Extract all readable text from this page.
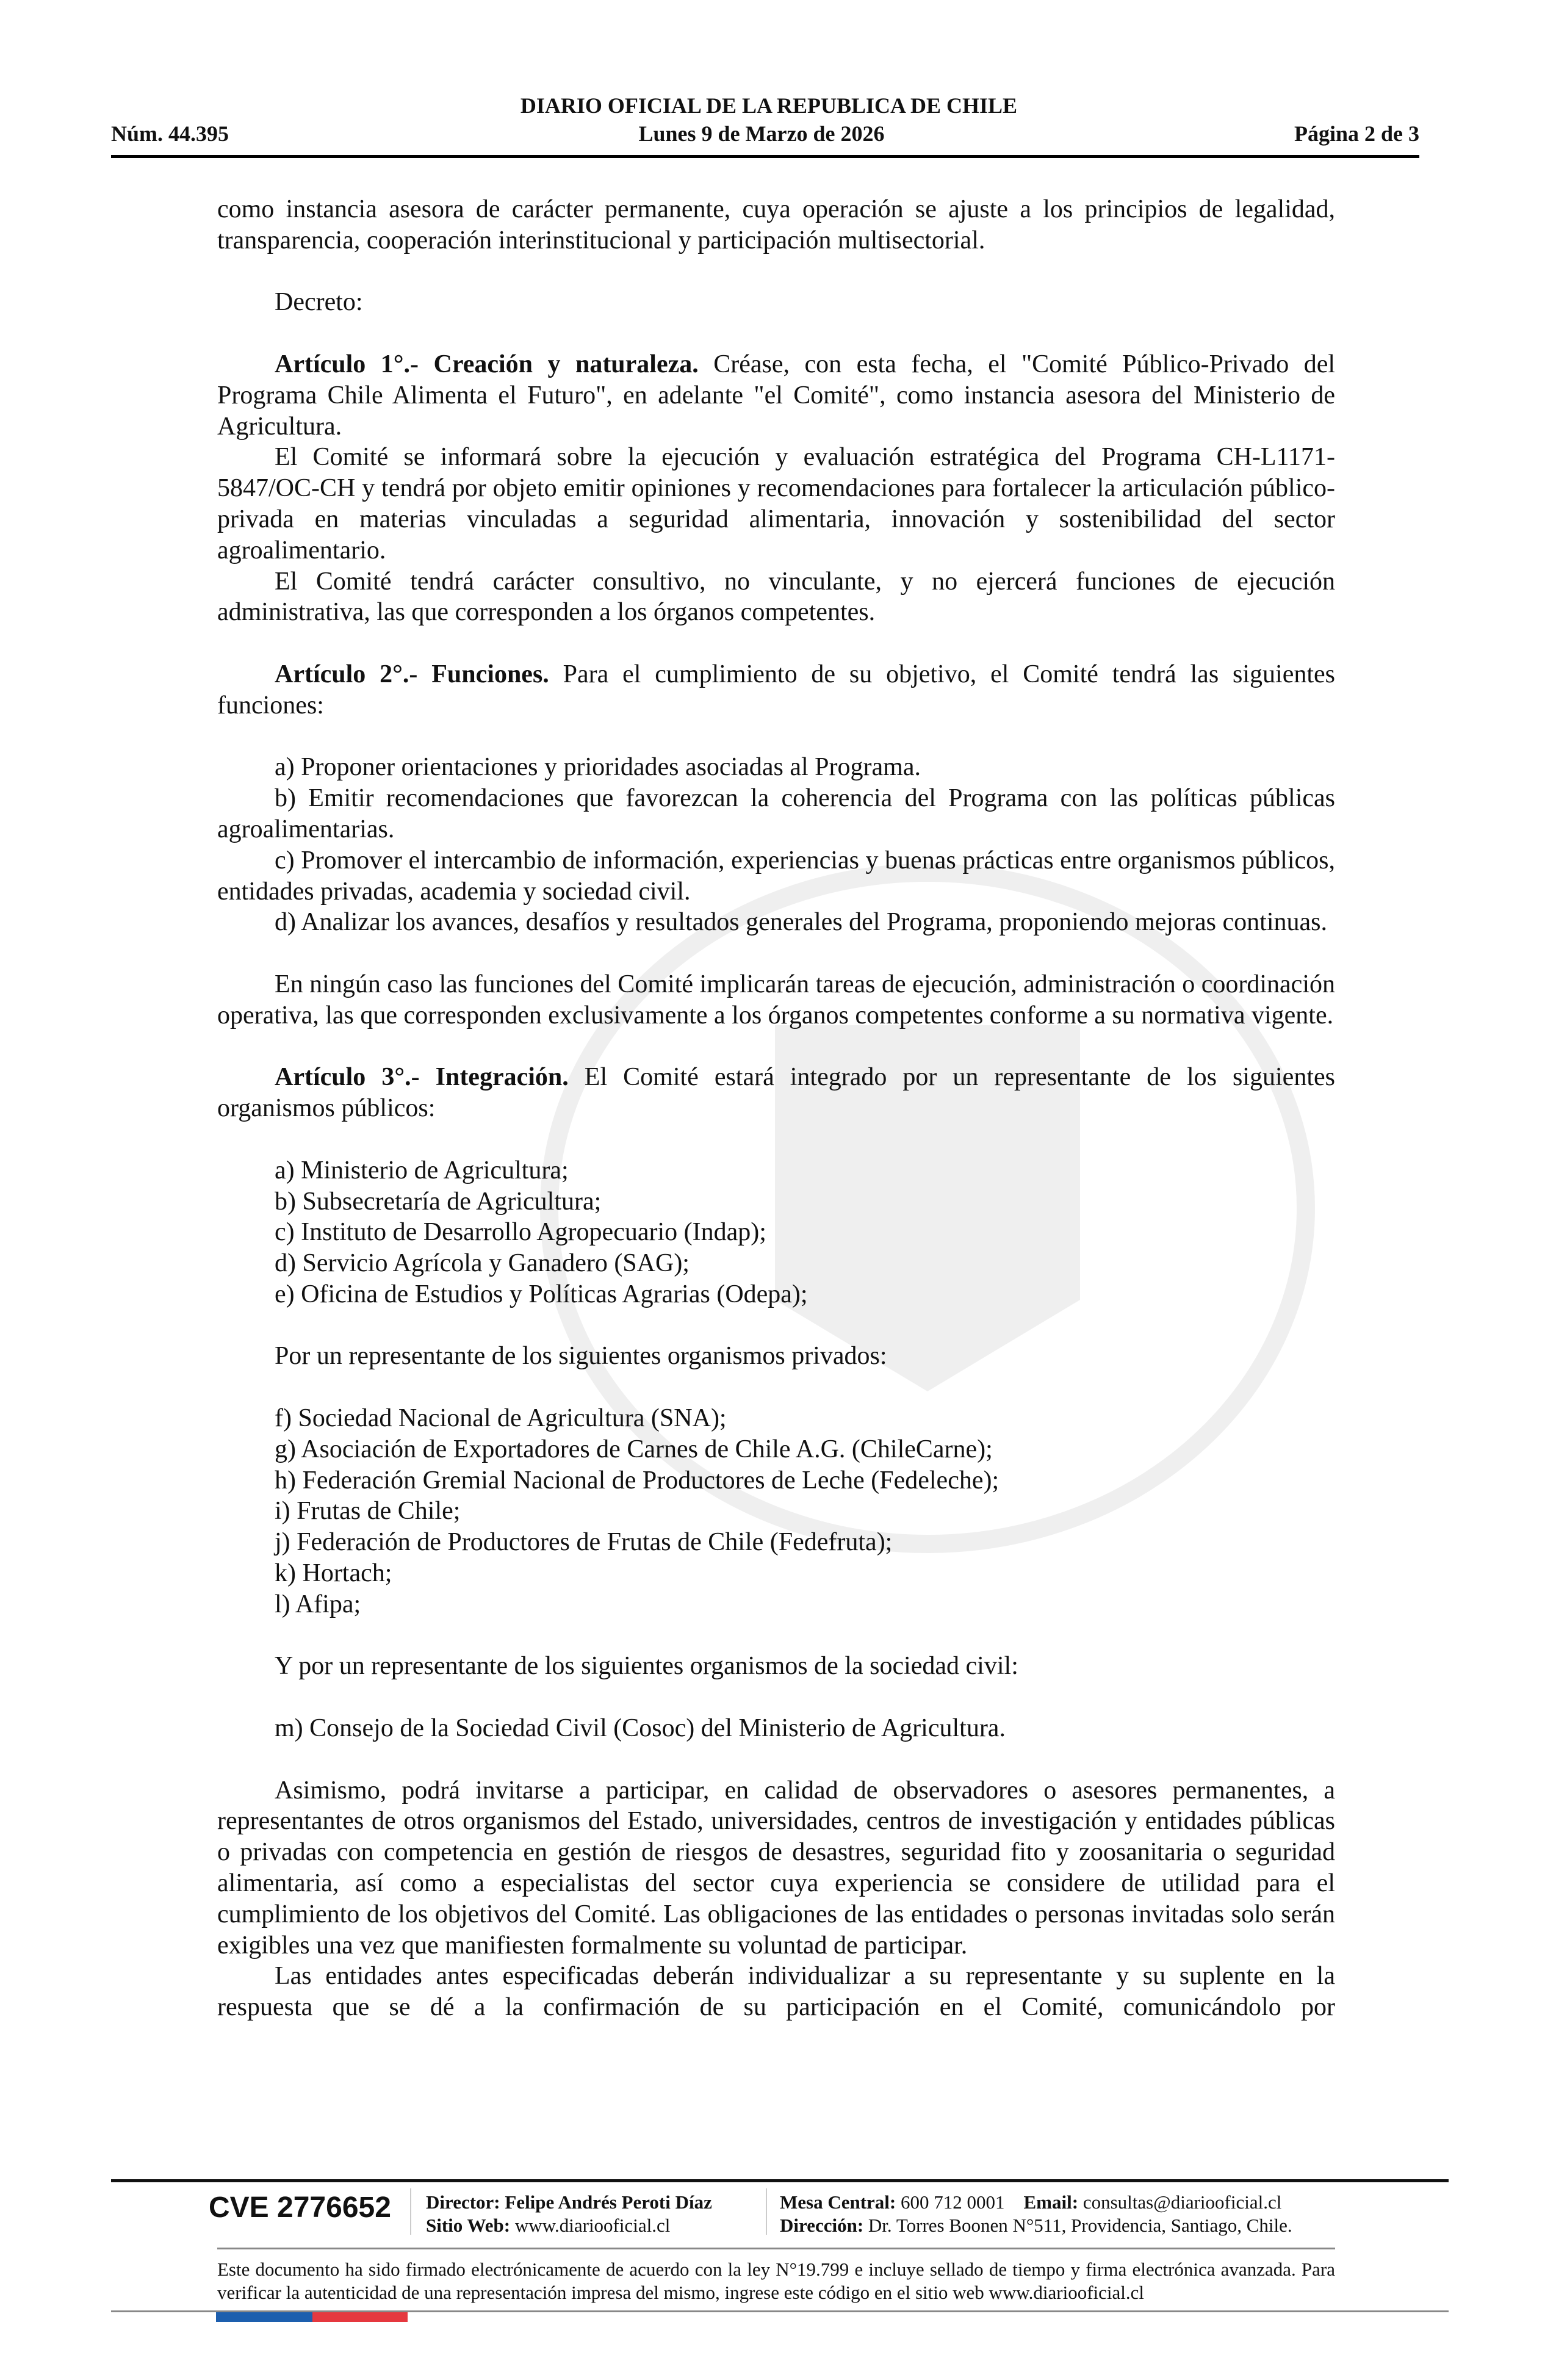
DIARIO OFICIAL DE LA REPUBLICA DE CHILE
Núm. 44.395	Lunes 9 de Marzo de 2026	Página 2 de 3

como instancia asesora de carácter permanente, cuya operación se ajuste a los principios de legalidad, transparencia, cooperación interinstitucional y participación multisectorial.

Decreto:

Artículo 1°.- Creación y naturaleza. Créase, con esta fecha, el "Comité Público-Privado del Programa Chile Alimenta el Futuro", en adelante "el Comité", como instancia asesora del Ministerio de Agricultura.

El Comité se informará sobre la ejecución y evaluación estratégica del Programa CH-L1171- 5847/OC-CH y tendrá por objeto emitir opiniones y recomendaciones para fortalecer la articulación público-privada en materias vinculadas a seguridad alimentaria, innovación y sostenibilidad del sector agroalimentario.

El Comité tendrá carácter consultivo, no vinculante, y no ejercerá funciones de ejecución administrativa, las que corresponden a los órganos competentes.

Artículo 2°.- Funciones. Para el cumplimiento de su objetivo, el Comité tendrá las siguientes funciones:

a) Proponer orientaciones y prioridades asociadas al Programa.

b) Emitir recomendaciones que favorezcan la coherencia del Programa con las políticas públicas agroalimentarias.

c) Promover el intercambio de información, experiencias y buenas prácticas entre organismos públicos, entidades privadas, academia y sociedad civil.

d) Analizar los avances, desafíos y resultados generales del Programa, proponiendo mejoras continuas.

En ningún caso las funciones del Comité implicarán tareas de ejecución, administración o coordinación operativa, las que corresponden exclusivamente a los órganos competentes conforme a su normativa vigente.

Artículo 3°.- Integración. El Comité estará integrado por un representante de los siguientes organismos públicos:

a) Ministerio de Agricultura;

b) Subsecretaría de Agricultura;

c) Instituto de Desarrollo Agropecuario (Indap);

d) Servicio Agrícola y Ganadero (SAG);

e) Oficina de Estudios y Políticas Agrarias (Odepa);

Por un representante de los siguientes organismos privados:

f) Sociedad Nacional de Agricultura (SNA);

g) Asociación de Exportadores de Carnes de Chile A.G. (ChileCarne);

h) Federación Gremial Nacional de Productores de Leche (Fedeleche);

i) Frutas de Chile;

j) Federación de Productores de Frutas de Chile (Fedefruta);

k) Hortach;

l) Afipa;

Y por un representante de los siguientes organismos de la sociedad civil:

m) Consejo de la Sociedad Civil (Cosoc) del Ministerio de Agricultura.

Asimismo, podrá invitarse a participar, en calidad de observadores o asesores permanentes, a representantes de otros organismos del Estado, universidades, centros de investigación y entidades públicas o privadas con competencia en gestión de riesgos de desastres, seguridad fito y zoosanitaria o seguridad alimentaria, así como a especialistas del sector cuya experiencia se considere de utilidad para el cumplimiento de los objetivos del Comité. Las obligaciones de las entidades o personas invitadas solo serán exigibles una vez que manifiesten formalmente su voluntad de participar.

Las entidades antes especificadas deberán individualizar a su representante y su suplente en la respuesta que se dé a la confirmación de su participación en el Comité, comunicándolo por

CVE 2776652 Director: Felipe Andrés Peroti Díaz
Sitio Web: www.diariooficial.cl
Mesa Central: 600 712 0001 Email: consultas@diariooficial.cl
Dirección: Dr. Torres Boonen N°511, Providencia, Santiago, Chile.
Este documento ha sido firmado electrónicamente de acuerdo con la ley N°19.799 e incluye sellado de tiempo y firma electrónica avanzada. Para verificar la autenticidad de una representación impresa del mismo, ingrese este código en el sitio web www.diariooficial.cl
